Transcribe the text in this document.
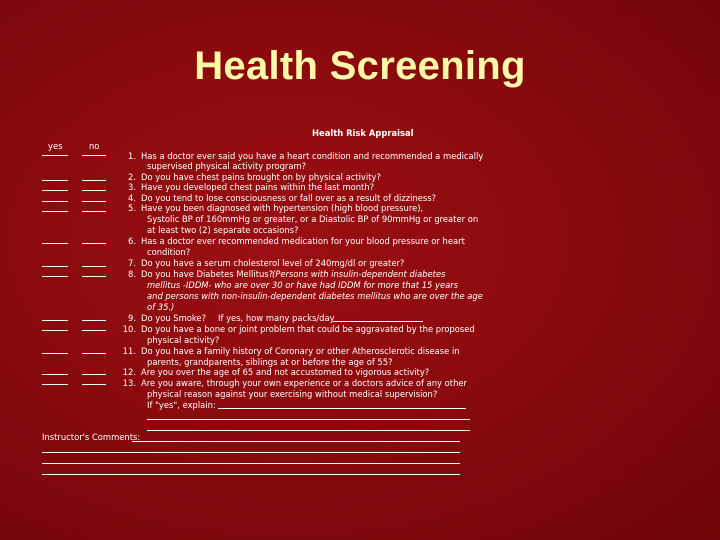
Health Screening
Health Risk Appraisal
yes	no
1. Has a doctor ever said you have a heart condition and recommended a medically
supervised physical activity program?
2. Do you have chest pains brought on by physical activity?
3. Have you developed chest pains within the last month?
4. Do you tend to lose consciousness or fall over as a result of dizziness?
5. Have you been diagnosed with hypertension (high blood pressure),
Systolic BP of 160mmHg or greater, or a Diastolic BP of 90mmHg or greater on
at least two (2) separate occasions?
6. Has a doctor ever recommended medication for your blood pressure or heart
condition?
7. Do you have a serum cholesterol level of 240mg/dl or greater?
8. Do you have Diabetes Mellitus?
(Persons with insulin-dependent diabetes
mellitus -IDDM- who are over 30 or have had IDDM for more that 15 years
and persons with non-insulin-dependent diabetes mellitus who are over the age
of 35.)
9. Do you Smoke? If yes, how many packs/day
10. Do you have a bone or joint problem that could be aggravated by the proposed
physical activity?
11. Do you have a family history of Coronary or other Atherosclerotic disease in
parents, grandparents, siblings at or before the age of 55?
12. Are you over the age of 65 and not accustomed to vigorous activity?
13. Are you aware, through your own experience or a doctors advice of any other
physical reason against your exercising without medical supervision?
If "yes", explain:
Instructor's Comments:
